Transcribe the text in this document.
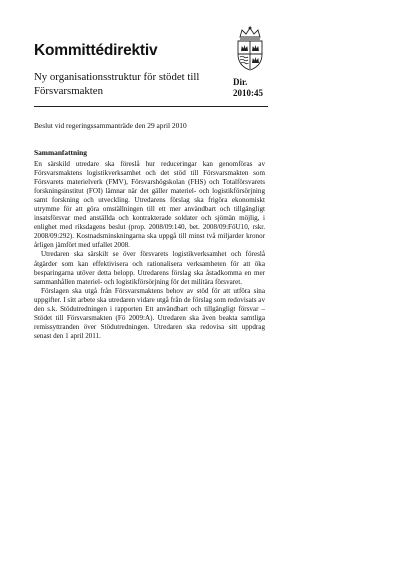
Kommittédirektiv
Ny organisationsstruktur för stödet till
Försvarsmakten
Dir.
2010:45

Beslut vid regeringssammanträde den 29 april 2010

Sammanfattning

En särskild utredare ska föreslå hur reduceringar kan genomföras av Försvarsmaktens logistikverksamhet och det stöd till Försvarsmakten som Försvarets materielverk (FMV), Försvarshögskolan (FHS) och Totalförsvarets forskningsinstitut (FOI) lämnar när det gäller materiel- och logistikförsörjning samt forskning och utveckling. Utredarens förslag ska frigöra ekonomiskt utrymme för att göra omställningen till ett mer användbart och tillgängligt insatsförsvar med anställda och kontrakterade soldater och sjömän möjlig, i enlighet med riksdagens beslut (prop. 2008/09:140, bet. 2008/09:FöU10, rskr. 2008/09:292). Kostnadsminskningarna ska uppgå till minst två miljarder kronor årligen jämfört med utfallet 2008.

Utredaren ska särskilt se över försvarets logistikverksamhet och föreslå åtgärder som kan effektivisera och rationalisera verksamheten för att öka besparingarna utöver detta belopp. Utredarens förslag ska åstadkomma en mer sammanhållen materiel- och logistikförsörjning för det militära försvaret.

Förslagen ska utgå från Försvarsmaktens behov av stöd för att utföra sina uppgifter. I sitt arbete ska utredaren vidare utgå från de förslag som redovisats av den s.k. Stödutredningen i rapporten Ett användbart och tillgängligt försvar – Stödet till Försvarsmakten (Fö 2009:A). Utredaren ska även beakta samtliga remissyttranden över Stödutredningen. Utredaren ska redovisa sitt uppdrag senast den 1 april 2011.
